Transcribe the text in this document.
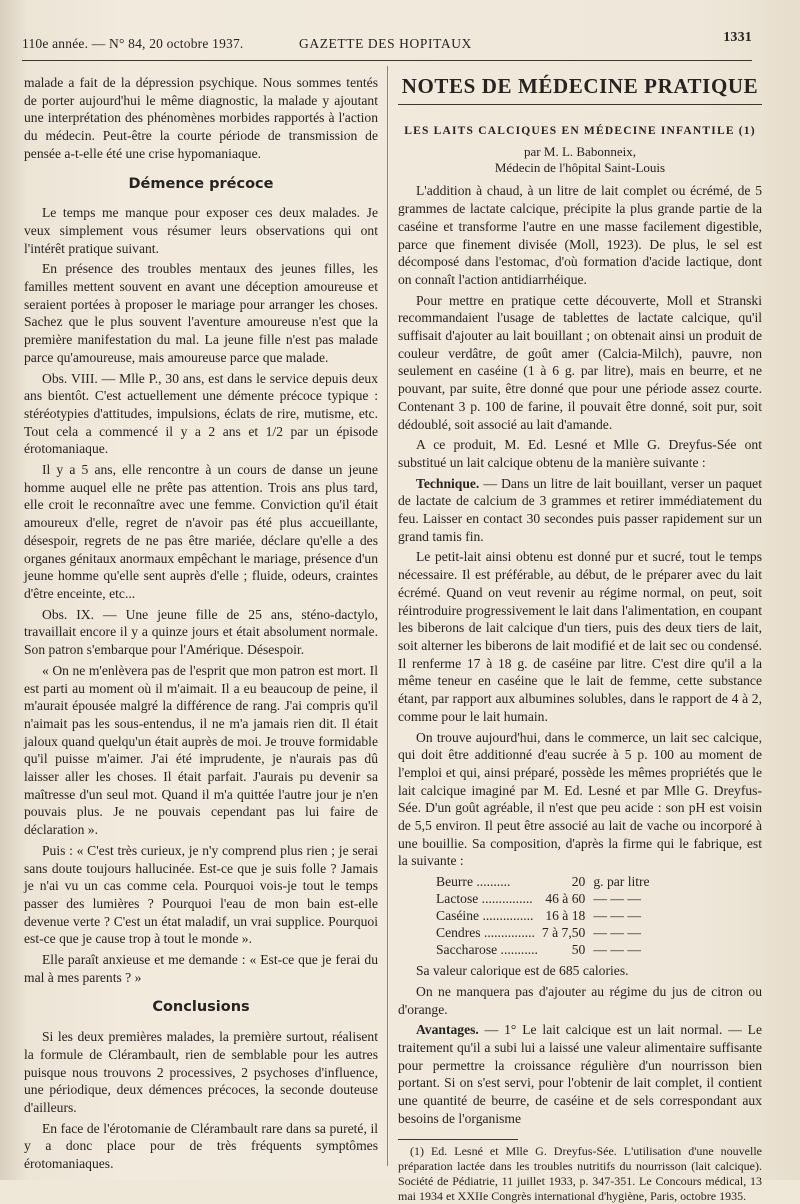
110e année. — N° 84, 20 octobre 1937.	GAZETTE DES HOPITAUX	1331

malade a fait de la dépression psychique. Nous sommes tentés de porter aujourd'hui le même diagnostic, la malade y ajoutant une interprétation des phénomènes morbides rapportés à l'action du médecin. Peut-être la courte période de transmission de pensée a-t-elle été une crise hypomaniaque.

Démence précoce

Le temps me manque pour exposer ces deux malades. Je veux simplement vous résumer leurs observations qui ont l'intérêt pratique suivant.

En présence des troubles mentaux des jeunes filles, les familles mettent souvent en avant une déception amoureuse et seraient portées à proposer le mariage pour arranger les choses. Sachez que le plus souvent l'aventure amoureuse n'est que la première manifestation du mal. La jeune fille n'est pas malade parce qu'amoureuse, mais amoureuse parce que malade.

Obs. VIII. — Mlle P., 30 ans, est dans le service depuis deux ans bientôt. C'est actuellement une démente précoce typique : stéréotypies d'attitudes, impulsions, éclats de rire, mutisme, etc. Tout cela a commencé il y a 2 ans et 1/2 par un épisode érotomaniaque.

Il y a 5 ans, elle rencontre à un cours de danse un jeune homme auquel elle ne prête pas attention. Trois ans plus tard, elle croit le reconnaître avec une femme. Conviction qu'il était amoureux d'elle, regret de n'avoir pas été plus accueillante, désespoir, regrets de ne pas être mariée, déclare qu'elle a des organes génitaux anormaux empêchant le mariage, présence d'un jeune homme qu'elle sent auprès d'elle ; fluide, odeurs, craintes d'être enceinte, etc...

Obs. IX. — Une jeune fille de 25 ans, sténo-dactylo, travaillait encore il y a quinze jours et était absolument normale. Son patron s'embarque pour l'Amérique. Désespoir.

« On ne m'enlèvera pas de l'esprit que mon patron est mort. Il est parti au moment où il m'aimait. Il a eu beaucoup de peine, il m'aurait épousée malgré la différence de rang. J'ai compris qu'il n'aimait pas les sous-entendus, il ne m'a jamais rien dit. Il était jaloux quand quelqu'un était auprès de moi. Je trouve formidable qu'il puisse m'aimer. J'ai été imprudente, je n'aurais pas dû laisser aller les choses. Il était parfait. J'aurais pu devenir sa maîtresse d'un seul mot. Quand il m'a quittée l'autre jour je n'en pouvais plus. Je ne pouvais cependant pas lui faire de déclaration ».

Puis : « C'est très curieux, je n'y comprend plus rien ; je serai sans doute toujours hallucinée. Est-ce que je suis folle ? Jamais je n'ai vu un cas comme cela. Pourquoi vois-je tout le temps passer des lumières ? Pourquoi l'eau de mon bain est-elle devenue verte ? C'est un état maladif, un vrai supplice. Pourquoi est-ce que je cause trop à tout le monde ».

Elle paraît anxieuse et me demande : « Est-ce que je ferai du mal à mes parents ? »

Conclusions

Si les deux premières malades, la première surtout, réalisent la formule de Clérambault, rien de semblable pour les autres puisque nous trouvons 2 processives, 2 psychoses d'influence, une périodique, deux démences précoces, la seconde douteuse d'ailleurs.

En face de l'érotomanie de Clérambault rare dans sa pureté, il y a donc place pour de très fréquents symptômes érotomaniaques.

NOTES DE MÉDECINE PRATIQUE
LES LAITS CALCIQUES EN MÉDECINE INFANTILE (1)
par M. L. Babonneix,
Médecin de l'hôpital Saint-Louis

L'addition à chaud, à un litre de lait complet ou écrémé, de 5 grammes de lactate calcique, précipite la plus grande partie de la caséine et transforme l'autre en une masse facilement digestible, parce que finement divisée (Moll, 1923). De plus, le sel est décomposé dans l'estomac, d'où formation d'acide lactique, dont on connaît l'action antidiarrhéique.

Pour mettre en pratique cette découverte, Moll et Stranski recommandaient l'usage de tablettes de lactate calcique, qu'il suffisait d'ajouter au lait bouillant ; on obtenait ainsi un produit de couleur verdâtre, de goût amer (Calcia-Milch), pauvre, non seulement en caséine (1 à 6 g. par litre), mais en beurre, et ne pouvant, par suite, être donné que pour une période assez courte. Contenant 3 p. 100 de farine, il pouvait être donné, soit pur, soit dédoublé, soit associé au lait d'amande.

A ce produit, M. Ed. Lesné et Mlle G. Dreyfus-Sée ont substitué un lait calcique obtenu de la manière suivante :

Technique. — Dans un litre de lait bouillant, verser un paquet de lactate de calcium de 3 grammes et retirer immédiatement du feu. Laisser en contact 30 secondes puis passer rapidement sur un grand tamis fin.

Le petit-lait ainsi obtenu est donné pur et sucré, tout le temps nécessaire. Il est préférable, au début, de le préparer avec du lait écrémé. Quand on veut revenir au régime normal, on peut, soit réintroduire progressivement le lait dans l'alimentation, en coupant les biberons de lait calcique d'un tiers, puis des deux tiers de lait, soit alterner les biberons de lait modifié et de lait sec ou condensé. Il renferme 17 à 18 g. de caséine par litre. C'est dire qu'il a la même teneur en caséine que le lait de femme, cette substance étant, par rapport aux albumines solubles, dans le rapport de 4 à 2, comme pour le lait humain.

On trouve aujourd'hui, dans le commerce, un lait sec calcique, qui doit être additionné d'eau sucrée à 5 p. 100 au moment de l'emploi et qui, ainsi préparé, possède les mêmes propriétés que le lait calcique imaginé par M. Ed. Lesné et par Mlle G. Dreyfus-Sée. D'un goût agréable, il n'est que peu acide : son pH est voisin de 5,5 environ. Il peut être associé au lait de vache ou incorporé à une bouillie. Sa composition, d'après la firme qui le fabrique, est la suivante :

Beurre ..........	20	g. par litre
Lactose ...............	46 à 60	— — —
Caséine ...............	16 à 18	— — —
Cendres ...............	7 à 7,50	— — —
Saccharose ...........	50	— — —

Sa valeur calorique est de 685 calories.

On ne manquera pas d'ajouter au régime du jus de citron ou d'orange.

Avantages. — 1° Le lait calcique est un lait normal. — Le traitement qu'il a subi lui a laissé une valeur alimentaire suffisante pour permettre la croissance régulière d'un nourrisson bien portant. Si on s'est servi, pour l'obtenir de lait complet, il contient une quantité de beurre, de caséine et de sels correspondant aux besoins de l'organisme

(1) Ed. Lesné et Mlle G. Dreyfus-Sée. L'utilisation d'une nouvelle préparation lactée dans les troubles nutritifs du nourrisson (lait calcique). Société de Pédiatrie, 11 juillet 1933, p. 347-351. Le Concours médical, 13 mai 1934 et XXIIe Congrès international d'hygiène, Paris, octobre 1935.
